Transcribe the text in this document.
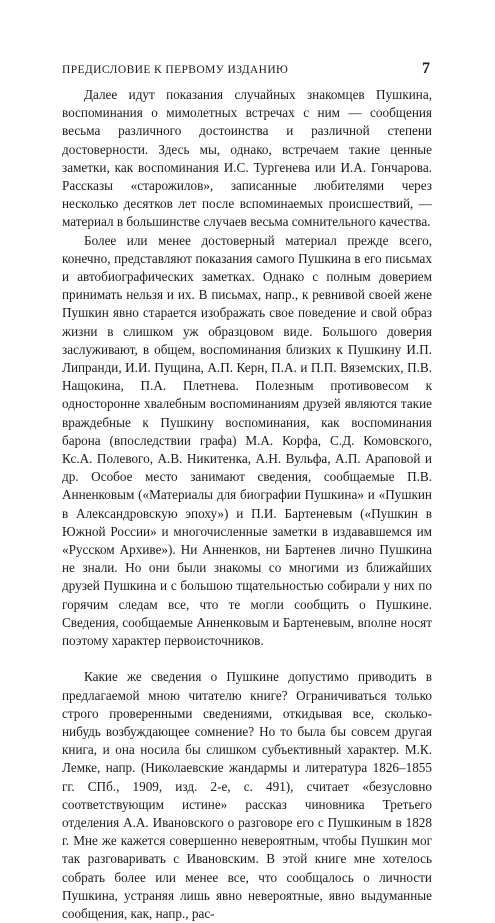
ПРЕДИСЛОВИЕ К ПЕРВОМУ ИЗДАНИЮ	7

Далее идут показания случайных знакомцев Пушкина, воспоминания о мимолетных встречах с ним — сообщения весьма различного достоинства и различной степени достоверности. Здесь мы, однако, встречаем такие ценные заметки, как воспоминания И.С. Тургенева или И.А. Гончарова. Рассказы «старожилов», записанные любителями через несколько десятков лет после вспоминаемых происшествий, — материал в большинстве случаев весьма сомнительного качества.

Более или менее достоверный материал прежде всего, конечно, представляют показания самого Пушкина в его письмах и автобиографических заметках. Однако с полным доверием принимать нельзя и их. В письмах, напр., к ревнивой своей жене Пушкин явно старается изображать свое поведение и свой образ жизни в слишком уж образцовом виде. Большого доверия заслуживают, в общем, воспоминания близких к Пушкину И.П. Липранди, И.И. Пущина, А.П. Керн, П.А. и П.П. Вяземских, П.В. Нащокина, П.А. Плетнева. Полезным противовесом к односторонне хвалебным воспоминаниям друзей являются такие враждебные к Пушкину воспоминания, как воспоминания барона (впоследствии графа) М.А. Корфа, С.Д. Комовского, Кс.А. Полевого, А.В. Никитенка, А.Н. Вульфа, А.П. Араповой и др. Особое место занимают сведения, сообщаемые П.В. Анненковым («Материалы для биографии Пушкина» и «Пушкин в Александровскую эпоху») и П.И. Бартеневым («Пушкин в Южной России» и многочисленные заметки в издававшемся им «Русском Архиве»). Ни Анненков, ни Бартенев лично Пушкина не знали. Но они были знакомы со многими из ближайших друзей Пушкина и с большою тщательностью собирали у них по горячим следам все, что те могли сообщить о Пушкине. Сведения, сообщаемые Анненковым и Бартеневым, вполне носят поэтому характер первоисточников.

Какие же сведения о Пушкине допустимо приводить в предлагаемой мною читателю книге? Ограничиваться только строго проверенными сведениями, откидывая все, сколько-нибудь возбуждающее сомнение? Но то была бы совсем другая книга, и она носила бы слишком субъективный характер. М.К. Лемке, напр. (Николаевские жандармы и литература 1826–1855 гг. СПб., 1909, изд. 2-е, с. 491), считает «безусловно соответствующим истине» рассказ чиновника Третьего отделения А.А. Ивановского о разговоре его с Пушкиным в 1828 г. Мне же кажется совершенно невероятным, чтобы Пушкин мог так разговаривать с Ивановским. В этой книге мне хотелось собрать более или менее все, что сообщалось о личности Пушкина, устраняя лишь явно невероятные, явно выдуманные сообщения, как, напр., рас-
